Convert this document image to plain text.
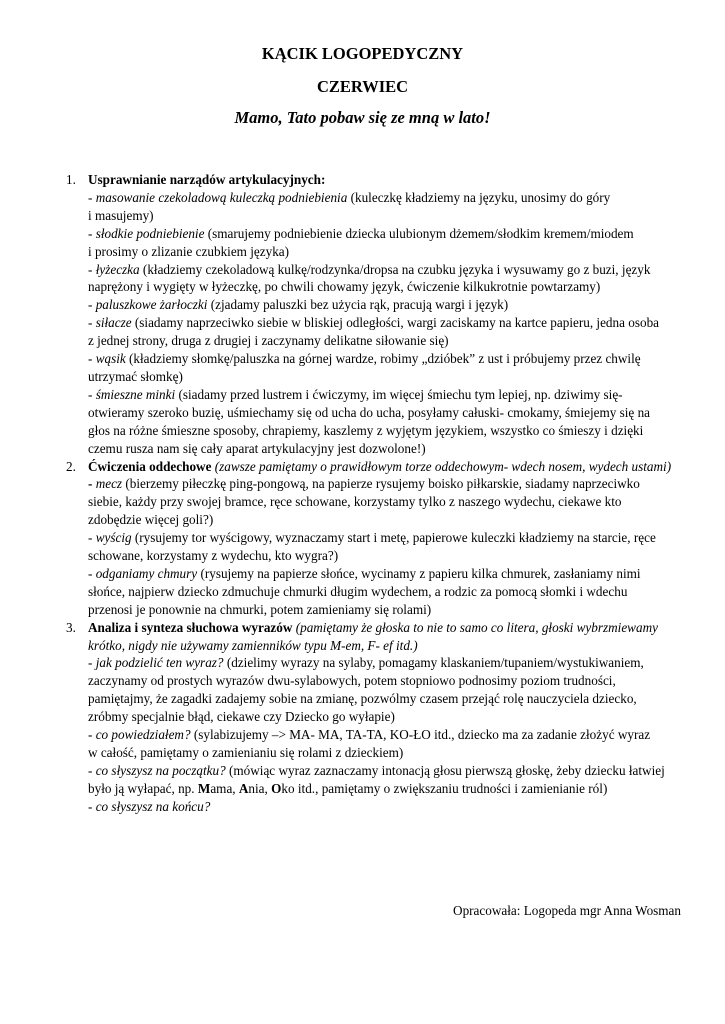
KĄCIK LOGOPEDYCZNY
CZERWIEC
Mamo, Tato pobaw się ze mną w lato!
1. Usprawnianie narządów artykulacyjnych:
- masowanie czekoladową kuleczką podniebienia (kuleczkę kładziemy na języku, unosimy do góry
i masujemy)
- słodkie podniebienie (smarujemy podniebienie dziecka ulubionym dżemem/słodkim kremem/miodem
i prosimy o zlizanie czubkiem języka)
- łyżeczka (kładziemy czekoladową kulkę/rodzynka/dropsa na czubku języka i wysuwamy go z buzi, język
naprężony i wygięty w łyżeczkę, po chwili chowamy język, ćwiczenie kilkukrotnie powtarzamy)
- paluszkowe żarłoczki (zjadamy paluszki bez użycia rąk, pracują wargi i język)
- siłacze (siadamy naprzeciwko siebie w bliskiej odległości, wargi zaciskamy na kartce papieru, jedna osoba
z jednej strony, druga z drugiej i zaczynamy delikatne siłowanie się)
- wąsik (kładziemy słomkę/paluszka na górnej wardze, robimy „dzióbek” z ust i próbujemy przez chwilę
utrzymać słomkę)
- śmieszne minki (siadamy przed lustrem i ćwiczymy, im więcej śmiechu tym lepiej, np. dziwimy się-
otwieramy szeroko buzię, uśmiechamy się od ucha do ucha, posyłamy całuski- cmokamy, śmiejemy się na
głos na różne śmieszne sposoby, chrapiemy, kaszlemy z wyjętym językiem, wszystko co śmieszy i dzięki
czemu rusza nam się cały aparat artykulacyjny jest dozwolone!)
2. Ćwiczenia oddechowe (zawsze pamiętamy o prawidłowym torze oddechowym- wdech nosem, wydech ustami)
- mecz (bierzemy piłeczkę ping-pongową, na papierze rysujemy boisko piłkarskie, siadamy naprzeciwko
siebie, każdy przy swojej bramce, ręce schowane, korzystamy tylko z naszego wydechu, ciekawe kto
zdobędzie więcej goli?)
- wyścig (rysujemy tor wyścigowy, wyznaczamy start i metę, papierowe kuleczki kładziemy na starcie, ręce
schowane, korzystamy z wydechu, kto wygra?)
- odganiamy chmury (rysujemy na papierze słońce, wycinamy z papieru kilka chmurek, zasłaniamy nimi
słońce, najpierw dziecko zdmuchuje chmurki długim wydechem, a rodzic za pomocą słomki i wdechu
przenosi je ponownie na chmurki, potem zamieniamy się rolami)
3. Analiza i synteza słuchowa wyrazów (pamiętamy że głoska to nie to samo co litera, głoski wybrzmiewamy
krótko, nigdy nie używamy zamienników typu M-em, F- ef itd.)
- jak podzielić ten wyraz? (dzielimy wyrazy na sylaby, pomagamy klaskaniem/tupaniem/wystukiwaniem,
zaczynamy od prostych wyrazów dwu-sylabowych, potem stopniowo podnosimy poziom trudności,
pamiętajmy, że zagadki zadajemy sobie na zmianę, pozwólmy czasem przejąć rolę nauczyciela dziecko,
zróbmy specjalnie błąd, ciekawe czy Dziecko go wyłapie)
- co powiedziałem? (sylabizujemy –> MA- MA, TA-TA, KO-ŁO itd., dziecko ma za zadanie złożyć wyraz
w całość, pamiętamy o zamienianiu się rolami z dzieckiem)
- co słyszysz na początku? (mówiąc wyraz zaznaczamy intonacją głosu pierwszą głoskę, żeby dziecku łatwiej
było ją wyłapać, np. Mama, Ania, Oko itd., pamiętamy o zwiększaniu trudności i zamienianie ról)
- co słyszysz na końcu?
Opracowała: Logopeda mgr Anna Wosman
